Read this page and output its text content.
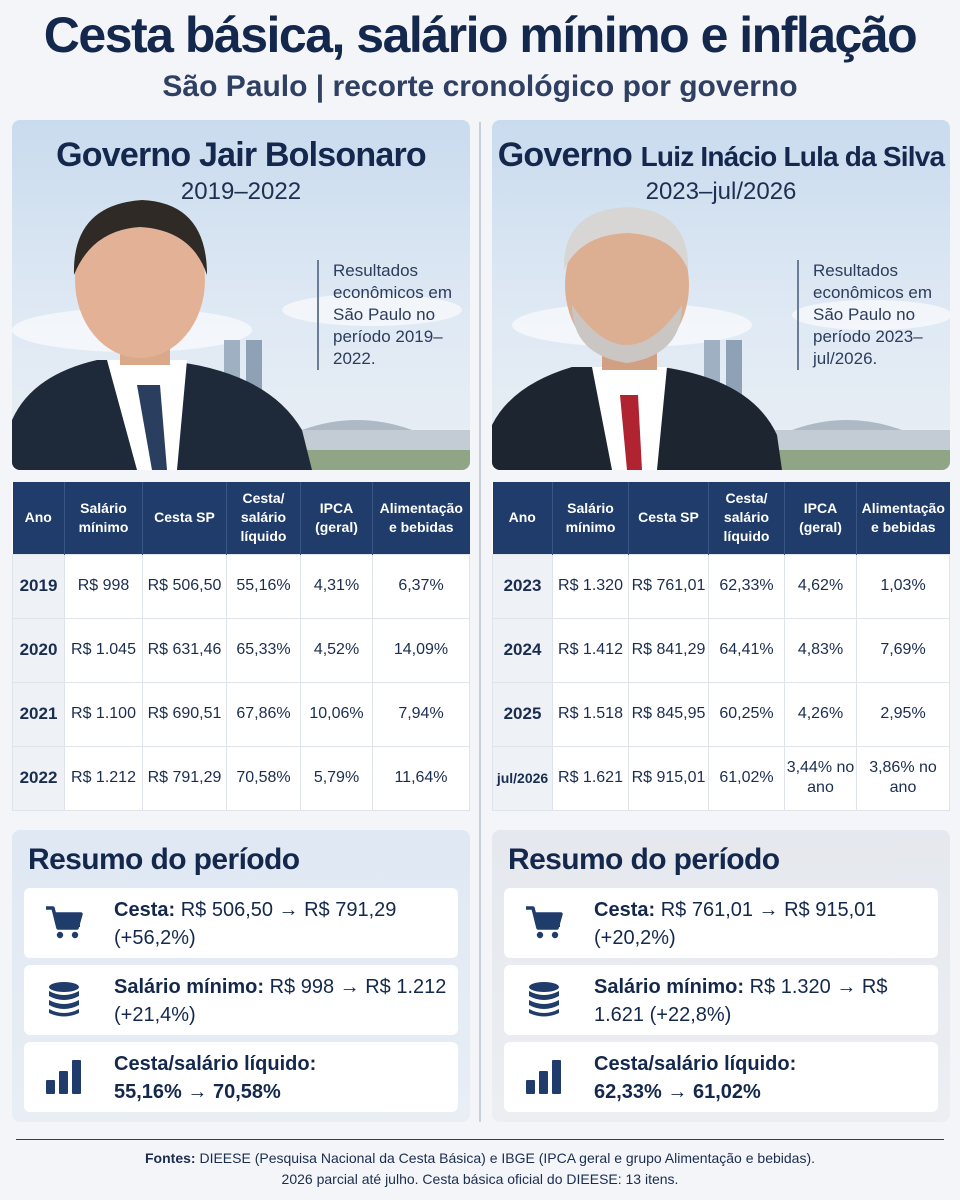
Cesta básica, salário mínimo e inflação
São Paulo | recorte cronológico por governo
Governo Jair Bolsonaro
2019–2022
Resultados econômicos em São Paulo no período 2019–2022.
Ano	Salário mínimo	Cesta SP	Cesta/ salário líquido	IPCA (geral)	Alimentação e bebidas
2019	R$ 998	R$ 506,50	55,16%	4,31%	6,37%
2020	R$ 1.045	R$ 631,46	65,33%	4,52%	14,09%
2021	R$ 1.100	R$ 690,51	67,86%	10,06%	7,94%
2022	R$ 1.212	R$ 791,29	70,58%	5,79%	11,64%
Resumo do período
Cesta: R$ 506,50 → R$ 791,29 (+56,2%)
Salário mínimo: R$ 998 → R$ 1.212 (+21,4%)
Cesta/salário líquido:
55,16% → 70,58%
Governo Luiz Inácio Lula da Silva
2023–jul/2026
Resultados econômicos em São Paulo no período 2023–jul/2026.
Ano	Salário mínimo	Cesta SP	Cesta/ salário líquido	IPCA (geral)	Alimentação e bebidas
2023	R$ 1.320	R$ 761,01	62,33%	4,62%	1,03%
2024	R$ 1.412	R$ 841,29	64,41%	4,83%	7,69%
2025	R$ 1.518	R$ 845,95	60,25%	4,26%	2,95%
jul/2026	R$ 1.621	R$ 915,01	61,02%	3,44% no ano	3,86% no ano
Resumo do período
Cesta: R$ 761,01 → R$ 915,01 (+20,2%)
Salário mínimo: R$ 1.320 → R$ 1.621 (+22,8%)
Cesta/salário líquido:
62,33% → 61,02%
Fontes: DIEESE (Pesquisa Nacional da Cesta Básica) e IBGE (IPCA geral e grupo Alimentação e bebidas).
2026 parcial até julho. Cesta básica oficial do DIEESE: 13 itens.
